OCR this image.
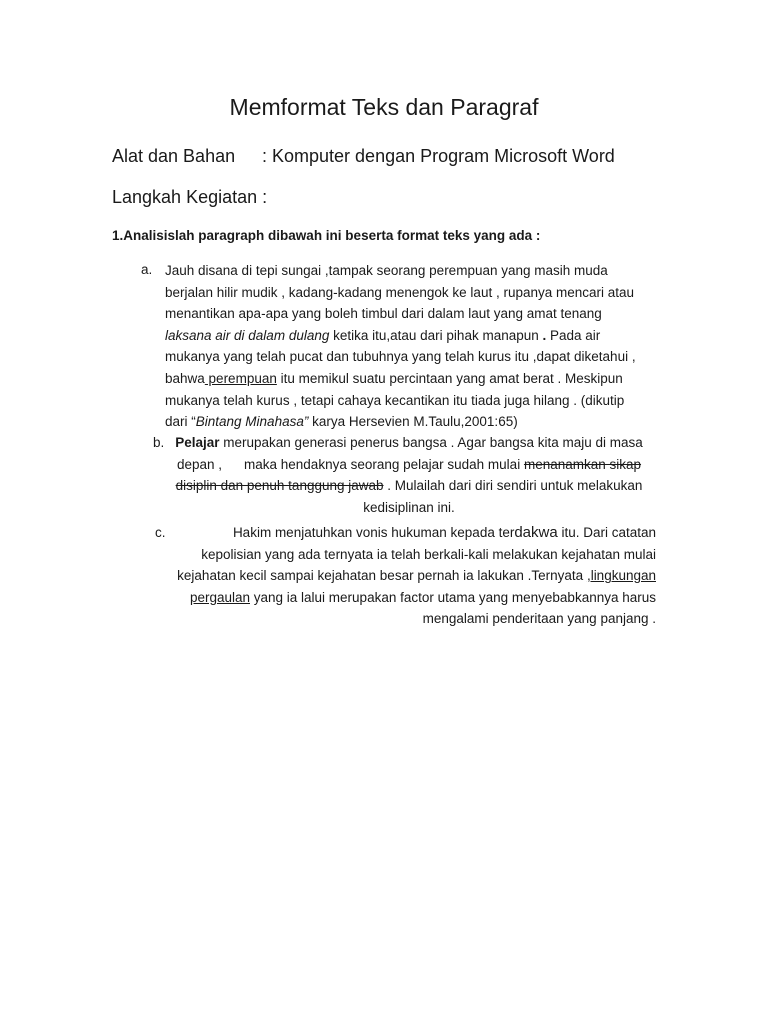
Memformat Teks dan Paragraf

Alat dan Bahan : Komputer dengan Program Microsoft Word

Langkah Kegiatan :

1.Analisislah paragraph dibawah ini beserta format teks yang ada :

a. Jauh disana di tepi sungai ,tampak seorang perempuan yang masih muda berjalan hilir mudik , kadang-kadang menengok ke laut , rupanya mencari atau menantikan apa-apa yang boleh timbul dari dalam laut yang amat tenang laksana air di dalam dulang ketika itu,atau dari pihak manapun . Pada air mukanya yang telah pucat dan tubuhnya yang telah kurus itu ,dapat diketahui , bahwa perempuan itu memikul suatu percintaan yang amat berat . Meskipun mukanya telah kurus , tetapi cahaya kecantikan itu tiada juga hilang . (dikutip dari “Bintang Minahasa” karya Hersevien M.Taulu,2001:65)

b. Pelajar merupakan generasi penerus bangsa . Agar bangsa kita maju di masa depan , maka hendaknya seorang pelajar sudah mulai menanamkan sikap disiplin dan penuh tanggung jawab . Mulailah dari diri sendiri untuk melakukan kedisiplinan ini.

c.	Hakim menjatuhkan vonis hukuman kepada terdakwa itu. Dari catatan kepolisian yang ada ternyata ia telah berkali-kali melakukan kejahatan mulai kejahatan kecil sampai kejahatan besar pernah ia lakukan .Ternyata ,lingkungan pergaulan yang ia lalui merupakan factor utama yang menyebabkannya harus mengalami penderitaan yang panjang .
